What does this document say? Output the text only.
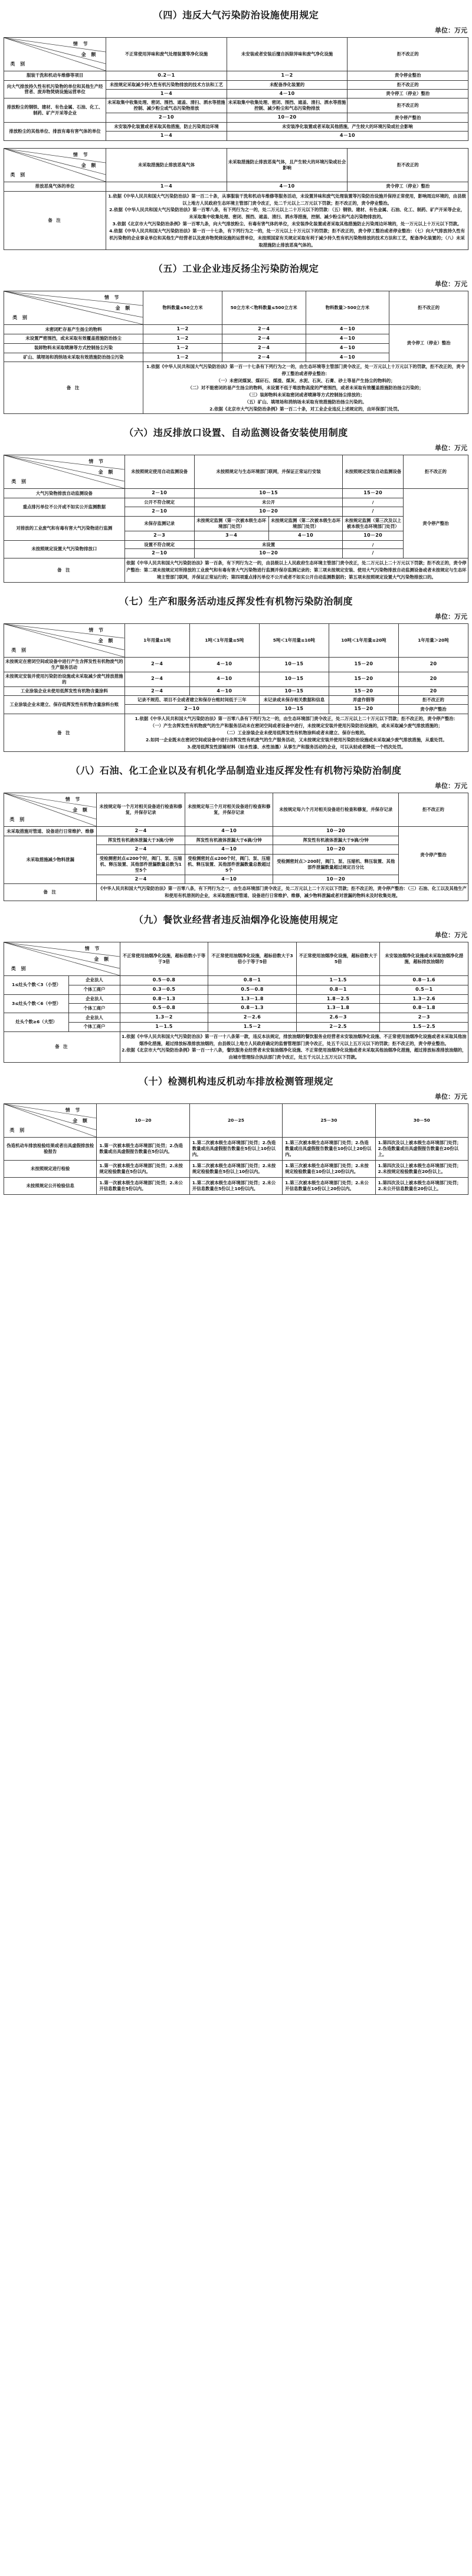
（四）违反大气污染防治设施使用规定
单位：万元
情 节
金 额
类 别	不正常使用异味和废气处理装置等净化设施	未安装或者安装后擅自拆除异味和废气净化设施	拒不改正的
服装干洗和机动车维修等项目	0.2－1	1－2	责令停业整治
向大气排放持久性有机污染物的单位和其他生产经营者、废弃物焚烧设施运营单位	未按规定采取减少持久性有机污染物排放的技术方法和工艺	未配备净化装置的	拒不改正的
	1－4	4－10	责令停工（停业）整治
排放粉尘的钢铁、建材、有色金属、石油、化工、制药、矿产开采等企业	未采取集中收集处理、密闭、围挡、遮盖、清扫、洒水等措施控制、减少粉尘或气态污染物排放	未采取集中收集处理、密闭、围挡、遮盖、清扫、洒水等措施控制、减少粉尘和气态污染物排放	拒不改正的
	2－10	10－20	责令停产整治
排放粉尘的其他单位、排放有毒有害气体的单位	未安装净化装置或者采取其他措施，防止污染周边环境	未安装净化装置或者采取其他措施，产生较大的环境污染或社会影响	
	1－4	4－10	
情 节
金 额
类 别	未采取措施防止排放恶臭气体	未采取措施防止排放恶臭气体，且产生较大的环境污染或社会影响	拒不改正的
排放恶臭气体的单位	1－4	4－10	责令停工（停业）整治
备 注	1.依据《中华人民共和国大气污染防治法》第一百二十条，从事服装干洗和机动车维修等服务活动，未设置异味和废气处理装置等污染防治设施并保持正常使用，影响周边环境的，由县级以上地方人民政府生态环境主管部门责令改正，处二千元以上二万元以下罚款；拒不改正的，责令停业整治。

2.依据《中华人民共和国大气污染防治法》第一百零八条，有下列行为之一的，处二万元以上二十万元以下的罚款：（五）钢铁、建材、有色金属、石油、化工、制药、矿产开采等企业，未采取集中收集处理、密闭、围挡、遮盖、清扫、洒水等措施，控制、减少粉尘和气态污染物排放的。

3.依据《北京市大气污染防治条例》第一百零九条，向大气排放粉尘、有毒有害气体的单位，未安装净化装置或者采取其他措施防止污染周边环境的，处一万元以上十万元以下罚款。

4.依据《中华人民共和国大气污染防治法》第一百一十七条，有下列行为之一的，处一万元以上十万元以下的罚款；拒不改正的，责令停工整治或者停业整治：（七）向大气排放持久性有机污染物的企业事业单位和其他生产经营者以及废弃物焚烧设施的运营单位，未按照国家有关规定采取有利于减少持久性有机污染物排放的技术方法和工艺，配备净化装置的；（八）未采取措施防止排放恶臭气体的。		

（五）工业企业违反扬尘污染防治规定
单位：万元
情 节
金 额
类 别	物料数量≤50立方米	50立方米＜物料数量≤500立方米	物料数量＞500立方米	拒不改正的
未密闭贮存易产生扬尘的物料	1－2	2－4	4－10	责令停工（停业）整治
未设置严密围挡，或未采取有效覆盖措施防治扬尘	1－2	2－4	4－10	
装卸物料未采取喷淋等方式控制扬尘污染	1－2	2－4	4－10	
矿山、填埋场和消纳场未采取有效措施防治扬尘污染	1－2	2－4	4－10	
备 注	

1.依据《中华人民共和国大气污染防治法》第一百一十七条有下列行为之一的，由生态环境等主管部门责令改正，处一万元以上十万元以下的罚款，拒不改正的，责令停工整治或者停业整治：

（一）未密闭煤炭、煤矸石、煤渣、煤灰、水泥、石灰、石膏、砂土等易产生扬尘的物料的；

（二）对不能密闭的易产生扬尘的物料，未设置不低于堆放物高度的严密围挡，或者未采取有效覆盖措施防治扬尘污染的；

（三）装卸物料未采取密闭或者喷淋等方式控制扬尘排放的；

（五）矿山、填埋场和消纳场未采取有效措施防治扬尘污染的。

2.依据《北京市大气污染防治条例》第一百二十条，对工业企业违反上述规定的，由环保部门处罚。

（六）违反排放口设置、自动监测设备安装使用制度
单位：万元
情 节
金 额
类 别	未按照规定使用自动监测设备	未按照规定与生态环境部门联网，并保证正常运行安装		未按照规定安装自动监测设备	拒不改正的
大气污染物排放自动监测设备	2－10	10－15		15－20	责令停产整治
重点排污单位不公开或不如实公开监测数据	公开不符合规定	未公开		/	
	2－10	10－20		/	
对排放的工业废气和有毒有害大气污染物进行监测	未保存监测记录	未按规定监测（第一次被本级生态环境部门处罚）	未按规定监测（第二次被本级生态环境部门处罚）	未按规定监测（第三次及以上被本级生态环境部门处罚）	
	2－3	3－4	4－10	10－20	
未按照规定设置大气污染物排放口	设置不符合规定	未设置		/	
	2－10	10－20		/	
备 注	依据《中华人民共和国大气污染防治法》第一百条，有下列行为之一的，由县级以上人民政府生态环境主管部门责令改正，处二万元以上二十万元以下罚款；拒不改正的，责令停产整治：第二项未按规定对所排放的工业废气和有毒有害大气污染物进行监测并保存监测记录的；第三项未按规定安装、使用大气污染物排放自动监测设备或者未按规定与生态环境主管部门联网，并保证正常运行的；第四项重点排污单位不公开或者不如实公开自动监测数据的；第五项未按照规定设置大气污染物排放口的。				

（七）生产和服务活动违反挥发性有机物污染防治制度
单位：万元
情 节
金 额
类 别	1年用量≤1吨	1吨＜1年用量≤5吨	5吨＜1年用量≤10吨	10吨＜1年用量≤20吨	1年用量＞20吨
未按规定在密闭空间或设备中进行产生含挥发性有机物废气的生产服务活动	2－4	4－10	10－15	15－20	20
未按规定安装并使用污染防治设施或未采取减少废气排放措施的	2－4	4－10	10－15	15－20	20
工业涂装企业未使用低挥发性有机物含量涂料	2－4	4－10	10－15	15－20	20
工业涂装企业未建立、保存低挥发性有机物含量涂料台账	记录不规范、项目不全或者建立和保存台账时间低于三年		未记录或未保存相关数据和信息	弄虚作假等	拒不改正的
	2－10		10－15	15－20	责令停产整治
备 注	1.依据《中华人民共和国大气污染防治法》第一百零八条有下列行为之一的，由生态环境部门责令改正，处二万元以上二十万元以下罚款；拒不改正的，责令停产整治：

（一）产生含挥发性有机物废气的生产和服务活动未在密闭空间或者设备中进行，未按规定安装并使用污染防治设施的，或未采取减少废气排放措施的；

（二）工业涂装企业未使用低挥发性有机物涂料或者未建立、保存台账的。

2.如同一企业既未在密闭空间或设备中进行含挥发性有机废气的生产服务活动，又未按规定安装并使用污染防治设施或未采取减少废气排放措施，从重处罚。

3.使用低挥发性原辅材料（如水性漆、水性油墨）从事生产和服务活动的企业，可以从轻或者降低一个档次处罚。				

（八）石油、化工企业以及有机化学品制造业违反挥发性有机物污染防治制度
单位：万元
情 节
金 额
类 别	未按规定每一个月对相关设备进行检查和修复，并保存记录	未按规定每三个月对相关设备进行检查和修复，并保存记录	未按规定每六个月对相关设备进行检查和修复，并保存记录	拒不改正的
未采取措施对管道、设备进行日常维护、维修	2－4	4－10	10－20	责令停产整治
未采取措施减少物料泄漏	挥发性有机液体泄漏大于3滴/分钟	挥发性有机液体泄漏大于6滴/分钟	挥发性有机液体泄漏大于9滴/分钟	
	2－4	4－10	10－20	
	受检测密封点≤200个时，阀门、泵、压缩机、释压装置、其他部件泄漏数量总数为1至5个	受检测密封点≤200个时，阀门、泵、压缩机、释压装置、其他部件泄漏数量总数超过5个	受检测密封点＞200时，阀门、泵、压缩机、释压装置、其他部件泄漏数量超过规定百分比	
	2－4	4－10	10－20	
备 注	《中华人民共和国大气污染防治法》第一百零八条，有下列行为之一，由生态环境部门责令改正，处二万元以上二十万元以下罚款；拒不改正的，责令停产整治：（三）石油、化工以及其他生产和使用有机溶剂的企业，未采取措施对管道、设备进行日常维护、维修，减少物料泄漏或者对泄漏的物料未及时收集处理。			

（九）餐饮业经营者违反油烟净化设施使用规定
单位：万元
情 节
金 额
类 别		不正常使用油烟净化设施，超标倍数小于等于3倍	不正常使用油烟净化设施，超标倍数大于3倍小于等于5倍	不正常使用油烟净化设施，超标倍数大于5倍	未安装油烟净化设施或未采取油烟净化措施，超标排放油烟的
1≤灶头个数＜3（小型）	企业法人	0.5－0.8	0.8－1	1－1.5	0.8－1.6
	个体工商户	0.3－0.5	0.5－0.8	0.8－1	0.5－1
3≤灶头个数＜6（中型）	企业法人	0.8－1.3	1.3－1.8	1.8－2.5	1.3－2.6
	个体工商户	0.5－0.8	0.8－1.3	1.3－1.8	0.8－1.8
灶头个数≥6（大型）	企业法人	1.3－2	2－2.6	2.6－3	2－3
	个体工商户	1－1.5	1.5－2	2－2.5	1.5－2.5
备 注		1.依据《中华人民共和国大气污染防治法》第一百一十八条第一款，违反本法规定，排放油烟的餐饮服务业经营者未安装油烟净化设施、不正常使用油烟净化设施或者未采取其他油烟净化措施，超过排放标准排放油烟的，由县级以上地方人民政府确定的监督管理部门责令改正，处五千元以上五万元以下的罚款；拒不改正的，责令停业整治。

2.依据《北京市大气污染防治条例》第一百一十八条，餐饮服务业经营者未安装油烟净化设施、不正常使用油烟净化设施或者未采取其他油烟净化措施，超过排放标准排放油烟的，由城市管理综合执法部门责令改正，处五千元以上五万元以下罚款。			

（十）检测机构违反机动车排放检测管理规定
单位：万元
情 节
金 额
类 别	10－20	20－25	25－30	30－50
伪造机动车排放检验结果或者出具虚假排放检验报告	1.第一次被本级生态环境部门处罚；2.伪造数量或出具虚假报告数量在5份以内。	1.第二次被本级生态环境部门处罚；2.伪造数量或出具虚假报告数量在5份以上10份以内。	1.第三次被本级生态环境部门处罚；2.伪造数量或出具虚假报告数量在10份以上20份以内。	1.第四次及以上被本级生态环境部门处罚；2.伪造数量或出具虚假报告数量在20份以上。
未按照规定进行检验	1.第一次被本级生态环境部门处罚；2.未按规定检验数量在5份以内。	1.第二次被本级生态环境部门处罚；2.未按规定检验数量在5份以上10份以内。	1.第三次被本级生态环境部门处罚；2.未按规定检验数量在10份以上20份以内。	1.第四次及以上被本级生态环境部门处罚；2.未按规定检验数量在20份以上。
未按照规定公开检验信息	1.第一次被本级生态环境部门处罚；2.未公开信息数量在5份以内。	1.第二次被本级生态环境部门处罚；2.未公开信息数量在5份以上10份以内。	1.第三次被本级生态环境部门处罚；2.未公开信息数量在10份以上20份以内。	1.第四次及以上被本级生态环境部门处罚；2.未公开信息数量在20份以上。
